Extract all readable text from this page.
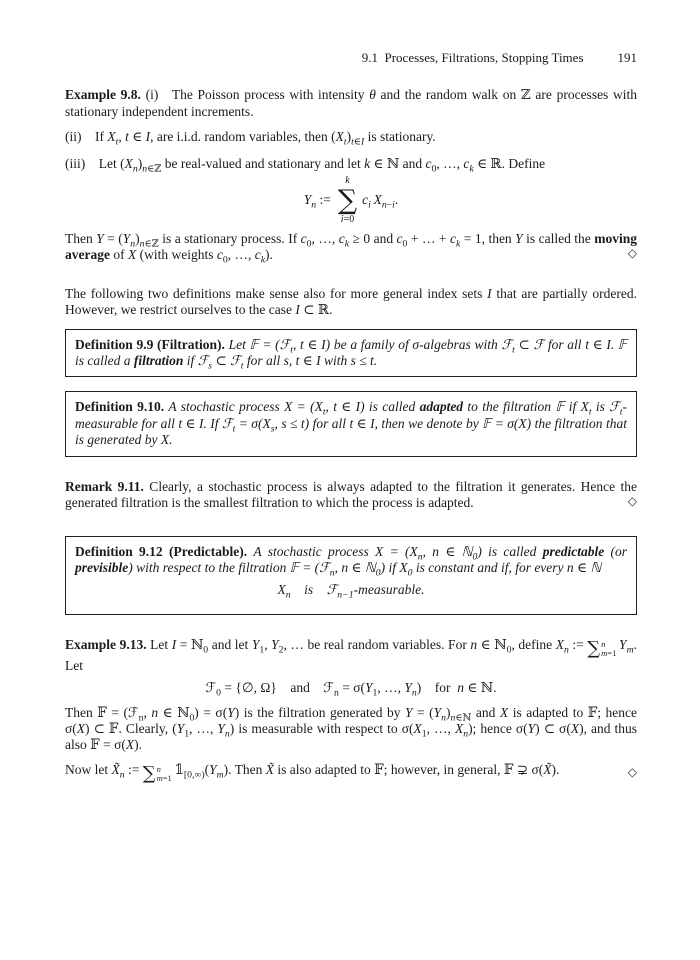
9.1 Processes, Filtrations, Stopping Times	191

Example 9.8. (i) The Poisson process with intensity θ and the random walk on ℤ are processes with stationary independent increments.

(ii) If $X_t$, t ∈ I, are i.i.d. random variables, then $(X_t)_{t\in I}$ is stationary.

(iii) Let $(X_n)_{n\in ℤ}$ be real-valued and stationary and let k ∈ ℕ and $c_0$, …, $c_k$ ∈ ℝ. Define

$Y_n$ :=
k
∑
i=0
$c_i$  $X_{n-i}$.

Then $Y = (Y_n)_{n\in ℤ}$ is a stationary process. If $c_0$, …, $c_k \ge 0$ and $c_0$ + … + $c_k = 1$, then Y is called the moving average of X (with weights $c_0$, …, $c_k$).	◇

The following two definitions make sense also for more general index sets I that are partially ordered. However, we restrict ourselves to the case I ⊂ ℝ.

Definition 9.9 (Filtration). Let 𝔽 = (ℱ$_t$, t ∈ I) be a family of σ-algebras with ℱ$_t$ ⊂ ℱ for all t ∈ I. 𝔽 is called a filtration if ℱ$_s$ ⊂ ℱ$_t$ for all s, t ∈ I with s ≤ t.
Definition 9.10. A stochastic process $X = (X_t$, t ∈ I) is called adapted to the filtration 𝔽 if $X_t$ is ℱ$_t$-measurable for all t ∈ I. If ℱ$_t$ = $\sigma(X_s$, s ≤ t) for all t ∈ I, then we denote by 𝔽 = σ(X) the filtration that is generated by X.

Remark 9.11. Clearly, a stochastic process is always adapted to the filtration it generates. Hence the generated filtration is the smallest filtration to which the process is adapted.	◇

Definition 9.12 (Predictable). A stochastic process $X = (X_n$, n ∈ ℕ$_0$) is called predictable (or previsible) with respect to the filtration 𝔽 = (ℱ$_n$, n ∈ ℕ$_0$) if $X_0$ is constant and if, for every n ∈ ℕ
$X_n$  is  ℱ$_{n-1}$-measurable.

Example 9.13. Let I = ℕ$_0$ and let $Y_1$, $Y_2$, … be real random variables. For n ∈ ℕ$_0$, define $X_n$ := ∑ n
m=1
 $Y_m$. Let

ℱ$_0$ = {∅, Ω} and ℱ$_n$ = $\sigma(Y_1$, …, $Y_n$) for n ∈ ℕ.

Then 𝔽 = (ℱ$_n$, n ∈ ℕ$_0$) = σ(Y) is the filtration generated by $Y = (Y_n)_{n\in ℕ}$ and X is adapted to 𝔽; hence σ(X) ⊂ 𝔽. Clearly, ($Y_1$, …, $Y_n$) is measurable with respect to $\sigma(X_1$, …, $X_n$); hence σ(Y) ⊂ σ(X), and thus also 𝔽 = σ(X).

Now let $X̃_n$ := ∑ n
m=1
 $𝟙_{[0,\infty)}(Y_m)$. Then X̃ is also adapted to 𝔽; however, in general, 𝔽 ⊋ σ(X̃).	◇
